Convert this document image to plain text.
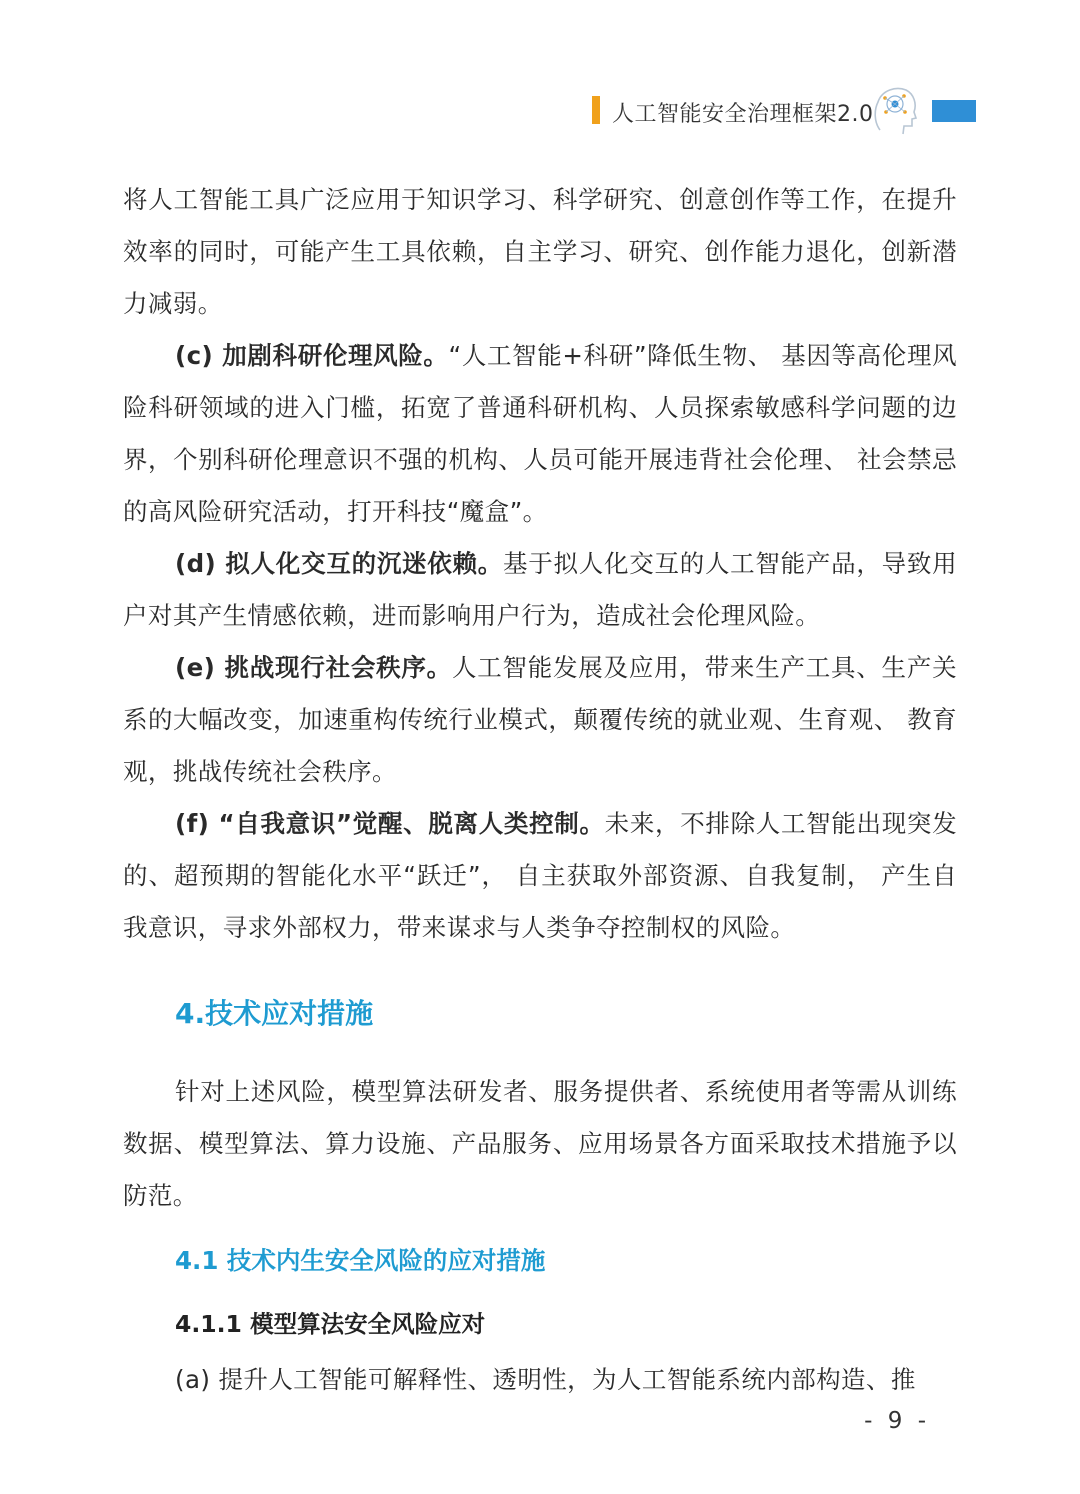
人工智能安全治理框架2.0

将人工智能工具广泛应用于知识学习、科学研究、创意创作等工作，在提升效率的同时，可能产生工具依赖，自主学习、研究、创作能力退化，创新潜力减弱。

(c) 加剧科研伦理风险。“人工智能+科研”降低生物、 基因等高伦理风险科研领域的进入门槛，拓宽了普通科研机构、人员探索敏感科学问题的边界，个别科研伦理意识不强的机构、人员可能开展违背社会伦理、 社会禁忌的高风险研究活动，打开科技“魔盒”。

(d) 拟人化交互的沉迷依赖。基于拟人化交互的人工智能产品，导致用户对其产生情感依赖，进而影响用户行为，造成社会伦理风险。

(e) 挑战现行社会秩序。人工智能发展及应用，带来生产工具、生产关系的大幅改变，加速重构传统行业模式，颠覆传统的就业观、生育观、 教育观，挑战传统社会秩序。

(f) “自我意识”觉醒、脱离人类控制。未来，不排除人工智能出现突发的、超预期的智能化水平“跃迁”， 自主获取外部资源、自我复制， 产生自我意识，寻求外部权力，带来谋求与人类争夺控制权的风险。

4.技术应对措施

针对上述风险，模型算法研发者、服务提供者、系统使用者等需从训练数据、模型算法、算力设施、产品服务、应用场景各方面采取技术措施予以防范。

4.1 技术内生安全风险的应对措施
4.1.1 模型算法安全风险应对

(a) 提升人工智能可解释性、透明性，为人工智能系统内部构造、推

- 9 -
